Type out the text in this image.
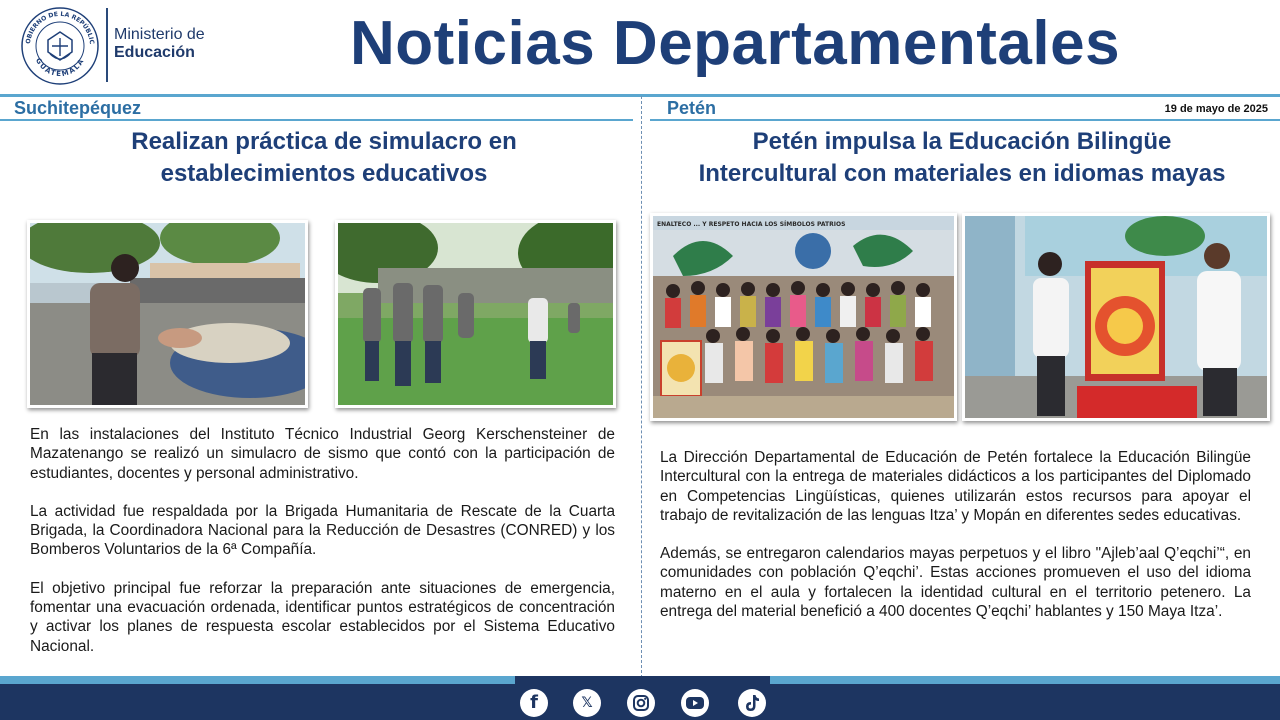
OBIERNO DE LA REPÚBLIC
GUATEMALA
Ministerio de
Educación	Noticias Departamentales
Suchitepéquez	Petén	19 de mayo de 2025
Realizan práctica de simulacro en
establecimientos educativos
Petén impulsa la Educación Bilingüe
Intercultural con materiales en idiomas mayas
ENALTECO ... Y RESPETO HACIA LOS SÍMBOLOS PATRIOS

En las instalaciones del Instituto Técnico Industrial Georg Kerschensteiner de Mazatenango se realizó un simulacro de sismo que contó con la participación de estudiantes, docentes y personal administrativo.

La actividad fue respaldada por la Brigada Humanitaria de Rescate de la Cuarta Brigada, la Coordinadora Nacional para la Reducción de Desastres (CONRED) y los Bomberos Voluntarios de la 6ª Compañía.

El objetivo principal fue reforzar la preparación ante situaciones de emergencia, fomentar una evacuación ordenada, identificar puntos estratégicos de concentración y activar los planes de respuesta escolar establecidos por el Sistema Educativo Nacional.

La Dirección Departamental de Educación de Petén fortalece la Educación Bilingüe Intercultural con la entrega de materiales didácticos a los participantes del Diplomado en Competencias Lingüísticas, quienes utilizarán estos recursos para apoyar el trabajo de revitalización de las lenguas Itza’ y Mopán en diferentes sedes educativas.

Además, se entregaron calendarios mayas perpetuos y el libro "Ajleb’aal Q’eqchi’“, en comunidades con población Q’eqchi’. Estas acciones promueven el uso del idioma materno en el aula y fortalecen la identidad cultural en el territorio petenero. La entrega del material benefició a 400 docentes Q’eqchi’ hablantes y 150 Maya Itza’.

f	𝕏
